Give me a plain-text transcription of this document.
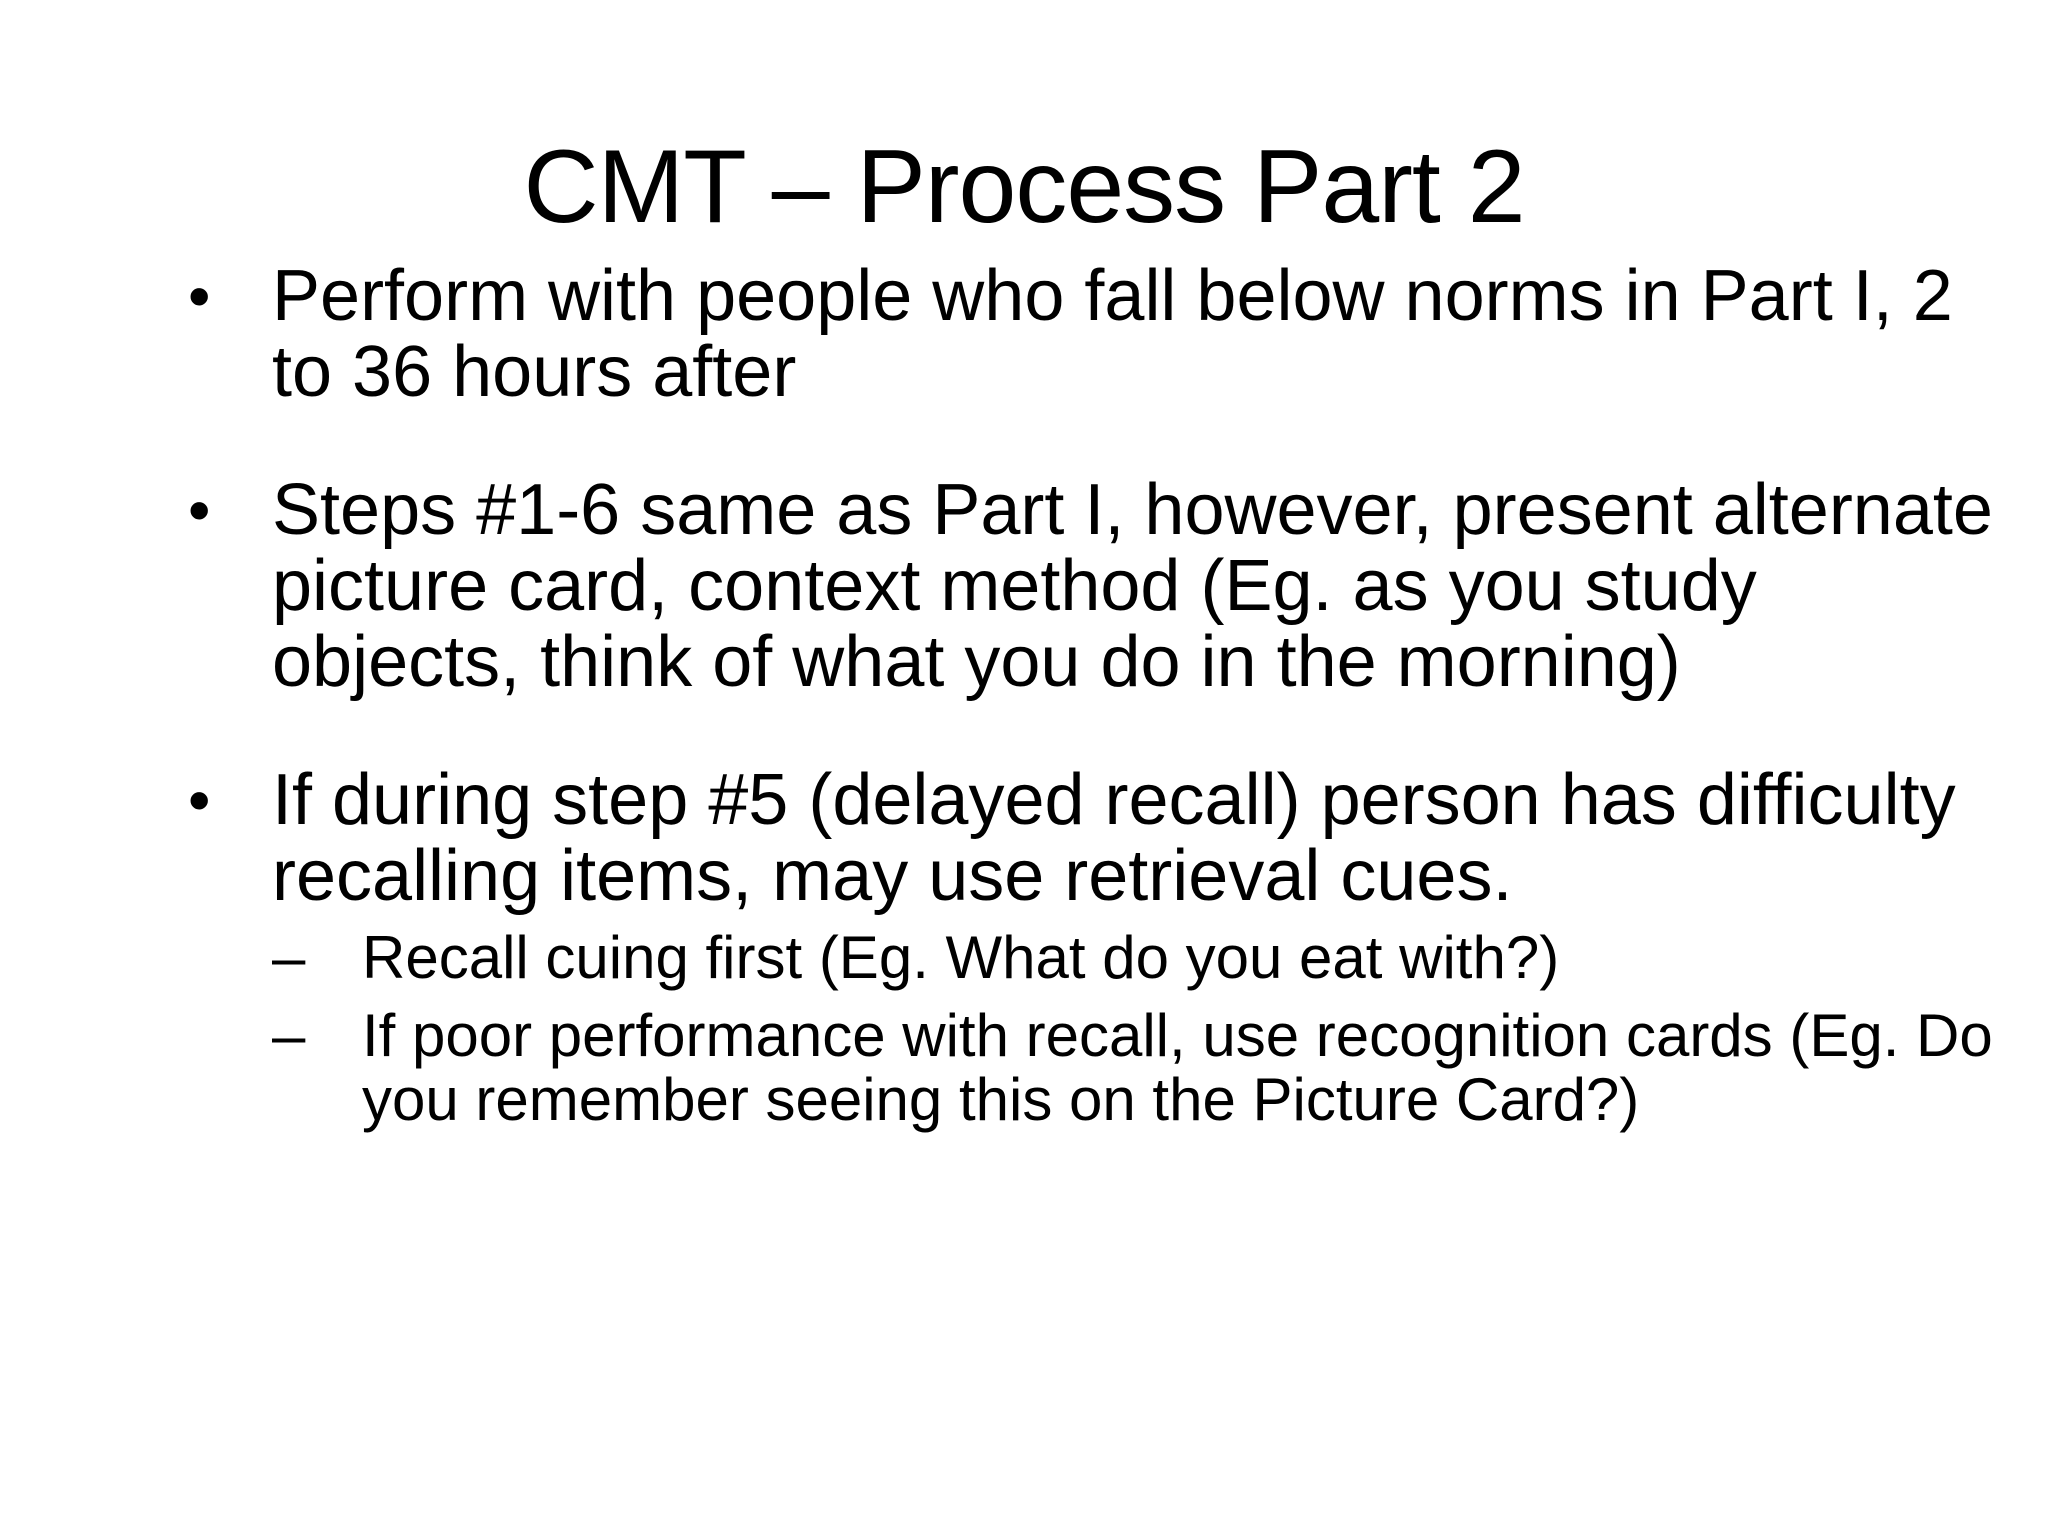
CMT – Process Part 2
• Perform with people who fall below norms in Part I, 2 to 36 hours after
• Steps #1-6 same as Part I, however, present alternate picture card, context method (Eg. as you study objects, think of what you do in the morning)
• If during step #5 (delayed recall) person has difficulty recalling items, may use retrieval cues.
– Recall cuing first (Eg. What do you eat with?)
– If poor performance with recall, use recognition cards (Eg. Do you remember seeing this on the Picture Card?)
